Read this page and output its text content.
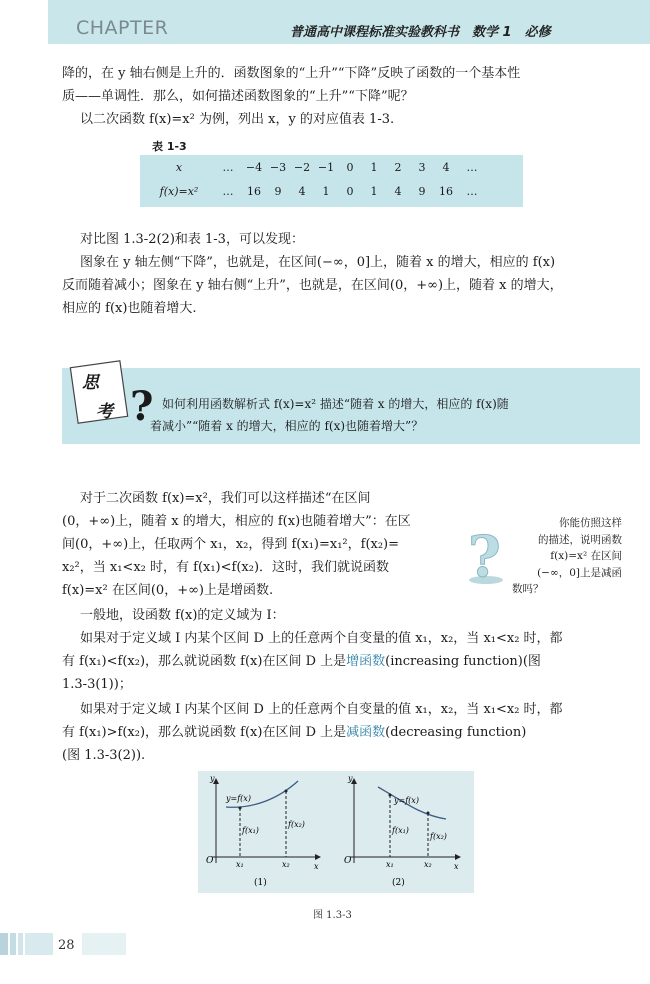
CHAPTER	普通高中课程标准实验教科书　数学 1　必修
降的，在 y 轴右侧是上升的．函数图象的“上升”“下降”反映了函数的一个基本性
质——单调性．那么，如何描述函数图象的“上升”“下降”呢？
以二次函数 f(x)=x² 为例，列出 x，y 的对应值表 1-3.
表 1-3
x	…	−4 −3 −2 −1	0	1	2	3	4	…
f(x)=x²	…	16	9	4	1	0	1	4	9	16	…
对比图 1.3-2(2)和表 1-3，可以发现：
图象在 y 轴左侧“下降”，也就是，在区间(−∞，0]上，随着 x 的增大，相应的 f(x)
反而随着减小；图象在 y 轴右侧“上升”，也就是，在区间(0，+∞)上，随着 x 的增大，
相应的 f(x)也随着增大.
?
思
考	如何利用函数解析式 f(x)=x² 描述“随着 x 的增大，相应的 f(x)随
着减小”“随着 x 的增大，相应的 f(x)也随着增大”？
对于二次函数 f(x)=x²，我们可以这样描述“在区间
(0，+∞)上，随着 x 的增大，相应的 f(x)也随着增大”：在区
间(0，+∞)上，任取两个 x₁，x₂，得到 f(x₁)=x₁²，f(x₂)=
x₂²，当 x₁<x₂ 时，有 f(x₁)<f(x₂)．这时，我们就说函数
f(x)=x² 在区间(0，+∞)上是增函数.
?
你能仿照这样
的描述，说明函数
f(x)=x² 在区间
(−∞，0]上是减函
数吗？
一般地，设函数 f(x)的定义域为 I：
如果对于定义域 I 内某个区间 D 上的任意两个自变量的值 x₁，x₂，当 x₁<x₂ 时，都
有 f(x₁)<f(x₂)，那么就说函数 f(x)在区间 D 上是增函数(increasing function)(图
1.3-3(1))；
如果对于定义域 I 内某个区间 D 上的任意两个自变量的值 x₁，x₂，当 x₁<x₂ 时，都
有 f(x₁)>f(x₂)，那么就说函数 f(x)在区间 D 上是减函数(decreasing function)
(图 1.3-3(2)).
y
x
O
y=f(x)
f(x₁)
f(x₂)
x₁	x₂
(1)
y
x
O
y=f(x)
f(x₁)
f(x₂)
x₁	x₂
(2)
图 1.3-3
28
